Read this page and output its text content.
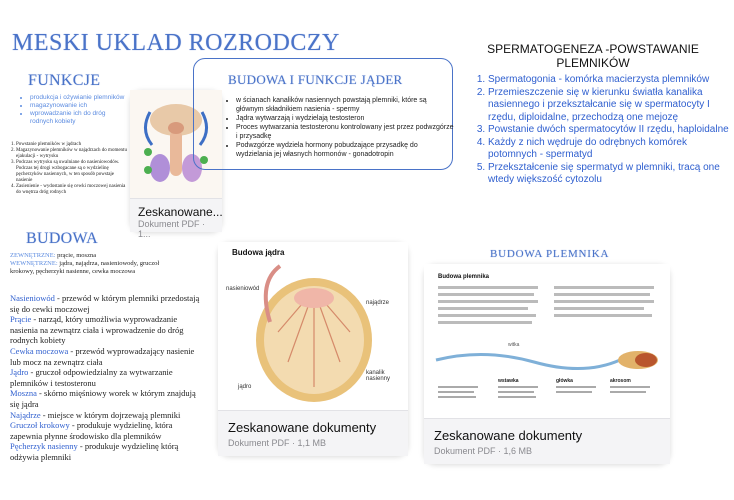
MESKI UKLAD ROZRODCZY
FUNKCJE
• produkcja i ożywianie plemników
• magazynowanie ich
• wprowadzanie ich do dróg rodnych kobiety
1. Powstanie plemników w jądrach
2. Magazynowanie plemników w najądrzach do momentu ejakulacji - wytrysku
3. Podczas wytrysku są uwalniane do nasieniowodów. Podczas tej drogi wzbogacane są o wydzielinę pęcherzyków nasiennych, w ten sposób powstaje nasienie
4. Zasienienie - wydostanie się cewki moczowej nasienia do wnętrza dróg rodnych
Zeskanowane...
Dokument PDF · 1...
BUDOWA I FUNKCJE JĄDER
• w ścianach kanalików nasiennych powstają plemniki, które są głównym składnikiem nasienia - spermy
• Jądra wytwarzają i wydzielają testosteron
• Proces wytwarzania testosteronu kontrolowany jest przez podwzgórze i przysadkę
• Podwzgórze wydziela hormony pobudzające przysadkę do wydzielania jej własnych hormonów - gonadotropin
SPERMATOGENEZA -POWSTAWANIE PLEMNIKÓW
1. Spermatogonia - komórka macierzysta plemników
2. Przemieszczenie się w kierunku światła kanalika nasiennego i przekształcanie się w spermatocyty I rzędu, diploidalne, przechodzą one mejozę
3. Powstanie dwóch spermatocytów II rzędu, haploidalne
4. Każdy z nich wędruje do odrębnych komórek potomnych - spermatyd
5. Przekształcenie się spermatyd w plemniki, tracą one wtedy większość cytozolu
BUDOWA
ZEWNĘTRZNE: prącie, moszna
WEWNĘTRZNE: jądra, najądrza, nasieniowody, gruczoł krokowy, pęcherzyki nasienne, cewka moczowa
Nasieniowód - przewód w którym plemniki przedostają się do cewki moczowej
Prącie - narząd, który umożliwia wyprowadzanie nasienia na zewnątrz ciała i wprowadzenie do dróg rodnych kobiety
Cewka moczowa - przewód wyprowadzający nasienie lub mocz na zewnątrz ciała
Jądro - gruczoł odpowiedzialny za wytwarzanie plemników i testosteronu
Moszna - skórno mięśniowy worek w którym znajdują się jądra
Najądrze - miejsce w którym dojrzewają plemniki
Gruczoł krokowy - produkuje wydzielinę, która zapewnia płynne środowisko dla plemników
Pęcherzyk nasienny - produkuje wydzielinę którą odżywia plemniki
Budowa jądra
nasieniowód
najądrze
kanalik nasienny
jądro
Zeskanowane dokumenty
Dokument PDF · 1,1 MB
BUDOWA PLEMNIKA
Budowa plemnika
witka
wstawka	główka	akrosom
Zeskanowane dokumenty
Dokument PDF · 1,6 MB
